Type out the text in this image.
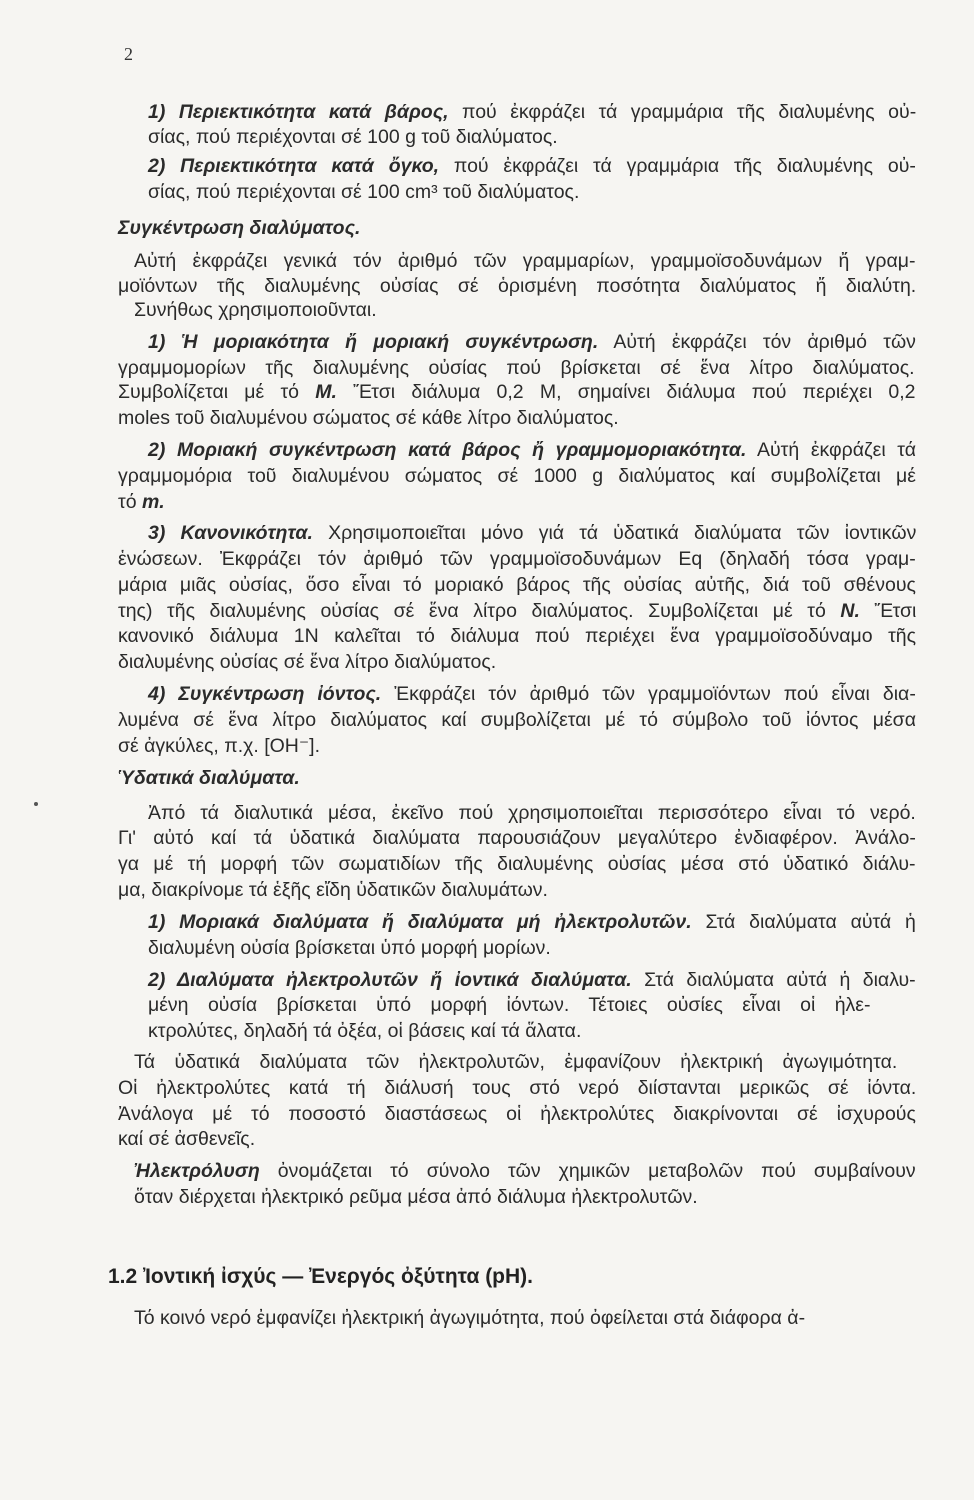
2
1) Περιεκτικότητα κατά βάρος, πού ἐκφράζει τά γραμμάρια τῆς διαλυμένης οὐ-
σίας, πού περιέχονται σέ 100 g τοῦ διαλύματος.
2) Περιεκτικότητα κατά ὄγκο, πού ἐκφράζει τά γραμμάρια τῆς διαλυμένης οὐ-
σίας, πού περιέχονται σέ 100 cm³ τοῦ διαλύματος.
Συγκέντρωση διαλύματος.
Αὐτή ἐκφράζει γενικά τόν ἀριθμό τῶν γραμμαρίων, γραμμοϊσοδυνάμων ἤ γραμ-
μοϊόντων τῆς διαλυμένης οὐσίας σέ ὁρισμένη ποσότητα διαλύματος ἤ διαλύτη.
Συνήθως χρησιμοποιοῦνται.
1) Ἡ μοριακότητα ἤ μοριακή συγκέντρωση. Αὐτή ἐκφράζει τόν ἀριθμό τῶν
γραμμομορίων τῆς διαλυμένης οὐσίας πού βρίσκεται σέ ἕνα λίτρο διαλύματος.
Συμβολίζεται μέ τό M. Ἔτσι διάλυμα 0,2 M, σημαίνει διάλυμα πού περιέχει 0,2
moles τοῦ διαλυμένου σώματος σέ κάθε λίτρο διαλύματος.
2) Μοριακή συγκέντρωση κατά βάρος ἤ γραμμομοριακότητα. Αὐτή ἐκφράζει τά
γραμμομόρια τοῦ διαλυμένου σώματος σέ 1000 g διαλύματος καί συμβολίζεται μέ
τό m.
3) Κανονικότητα. Χρησιμοποιεῖται μόνο γιά τά ὑδατικά διαλύματα τῶν ἰοντικῶν
ἑνώσεων. Ἐκφράζει τόν ἀριθμό τῶν γραμμοϊσοδυνάμων Eq (δηλαδή τόσα γραμ-
μάρια μιᾶς οὐσίας, ὅσο εἶναι τό μοριακό βάρος τῆς οὐσίας αὐτῆς, διά τοῦ σθένους
της) τῆς διαλυμένης οὐσίας σέ ἕνα λίτρο διαλύματος. Συμβολίζεται μέ τό N. Ἔτσι
κανονικό διάλυμα 1N καλεῖται τό διάλυμα πού περιέχει ἕνα γραμμοϊσοδύναμο τῆς
διαλυμένης οὐσίας σέ ἕνα λίτρο διαλύματος.
4) Συγκέντρωση ἰόντος. Ἐκφράζει τόν ἀριθμό τῶν γραμμοϊόντων πού εἶναι δια-
λυμένα σέ ἕνα λίτρο διαλύματος καί συμβολίζεται μέ τό σύμβολο τοῦ ἰόντος μέσα
σέ ἀγκύλες, π.χ. [OH⁻].
Ὑδατικά διαλύματα.
Ἀπό τά διαλυτικά μέσα, ἐκεῖνο πού χρησιμοποιεῖται περισσότερο εἶναι τό νερό.
Γι' αὐτό καί τά ὑδατικά διαλύματα παρουσιάζουν μεγαλύτερο ἐνδιαφέρον. Ἀνάλο-
γα μέ τή μορφή τῶν σωματιδίων τῆς διαλυμένης οὐσίας μέσα στό ὑδατικό διάλυ-
μα, διακρίνομε τά ἑξῆς εἴδη ὑδατικῶν διαλυμάτων.
1) Μοριακά διαλύματα ἤ διαλύματα μή ἠλεκτρολυτῶν. Στά διαλύματα αὐτά ἡ
διαλυμένη οὐσία βρίσκεται ὑπό μορφή μορίων.
2) Διαλύματα ἠλεκτρολυτῶν ἤ ἰοντικά διαλύματα. Στά διαλύματα αὐτά ἡ διαλυ-
μένη οὐσία βρίσκεται ὑπό μορφή ἰόντων. Τέτοιες οὐσίες εἶναι οἱ ἠλε-
κτρολύτες, δηλαδή τά ὀξέα, οἱ βάσεις καί τά ἅλατα.
Τά ὑδατικά διαλύματα τῶν ἠλεκτρολυτῶν, ἐμφανίζουν ἠλεκτρική ἀγωγιμότητα.
Οἱ ἠλεκτρολύτες κατά τή διάλυσή τους στό νερό διίστανται μερικῶς σέ ἰόντα.
Ἀνάλογα μέ τό ποσοστό διαστάσεως οἱ ἠλεκτρολύτες διακρίνονται σέ ἰσχυρούς
καί σέ ἀσθενεῖς.
Ἠλεκτρόλυση ὀνομάζεται τό σύνολο τῶν χημικῶν μεταβολῶν πού συμβαίνουν
ὅταν διέρχεται ἠλεκτρικό ρεῦμα μέσα ἀπό διάλυμα ἠλεκτρολυτῶν.
1.2 Ἰοντική ἰσχύς — Ἐνεργός ὀξύτητα (pH).
Τό κοινό νερό ἐμφανίζει ἠλεκτρική ἀγωγιμότητα, πού ὀφείλεται στά διάφορα ἀ-
